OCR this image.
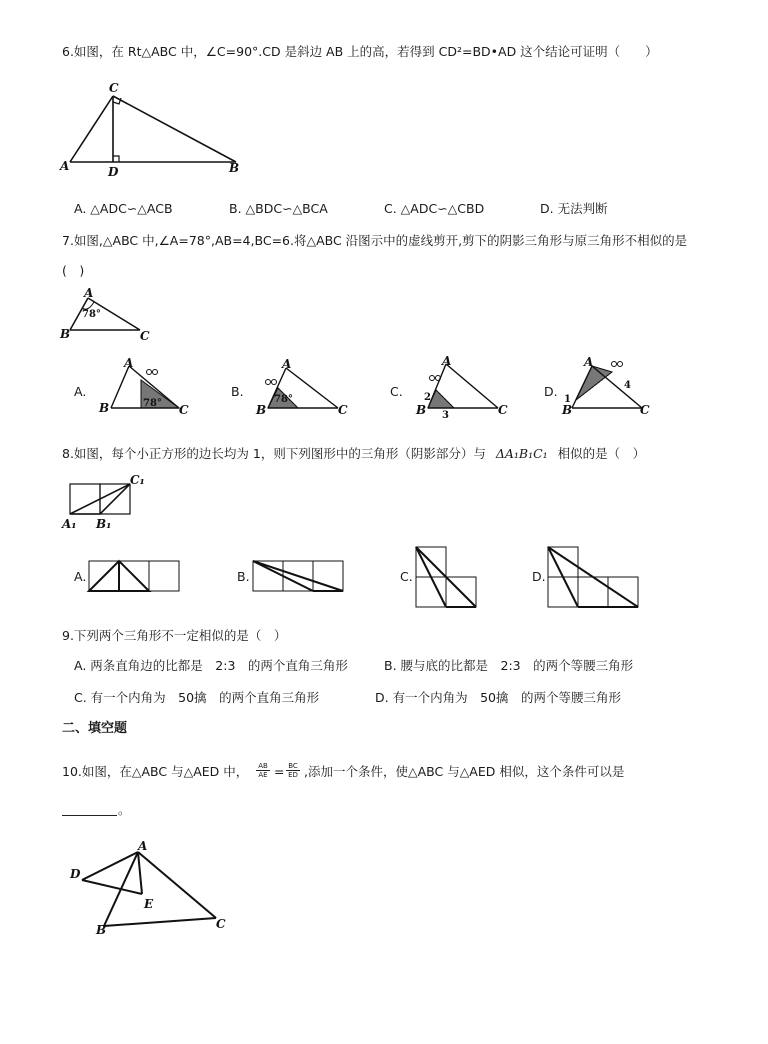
6.如图，在 Rt△ABC 中，∠C=90°.CD 是斜边 AB 上的高，若得到 CD²=BD•AD 这个结论可证明（　　）
C
A	D	B
A. △ADC∽△ACB	B. △BDC∽△BCA	C. △ADC∽△CBD	D. 无法判断
7.如图,△ABC 中,∠A=78°,AB=4,BC=6.将△ABC 沿图示中的虚线剪开,剪下的阴影三角形与原三角形不相似的是
(　)
A
B	C
78°
A.
A
B	C
78°
B.
A
B	C
78°
C.
A
B	C
2
3
D.
A
B	C
1
4
8.如图，每个小正方形的边长均为 1，则下列图形中的三角形（阴影部分）与 ΔA₁B₁C₁ 相似的是（　）
C₁
A₁ B₁
A.	B.	C.	D.
9.下列两个三角形不一定相似的是（　）
A. 两条直角边的比都是　2:3　的两个直角三角形	B. 腰与底的比都是　2:3　的两个等腰三角形
C. 有一个内角为　50擒　的两个直角三角形	D. 有一个内角为　50擒　的两个等腰三角形
二、填空题
10.如图，在△ABC 与△AED 中， $\frac{AB}{AE} = \frac{BC}{ED}$ ,添加一个条件，使△ABC 与△AED 相似，这个条件可以是
。
A
D
E
B	C
